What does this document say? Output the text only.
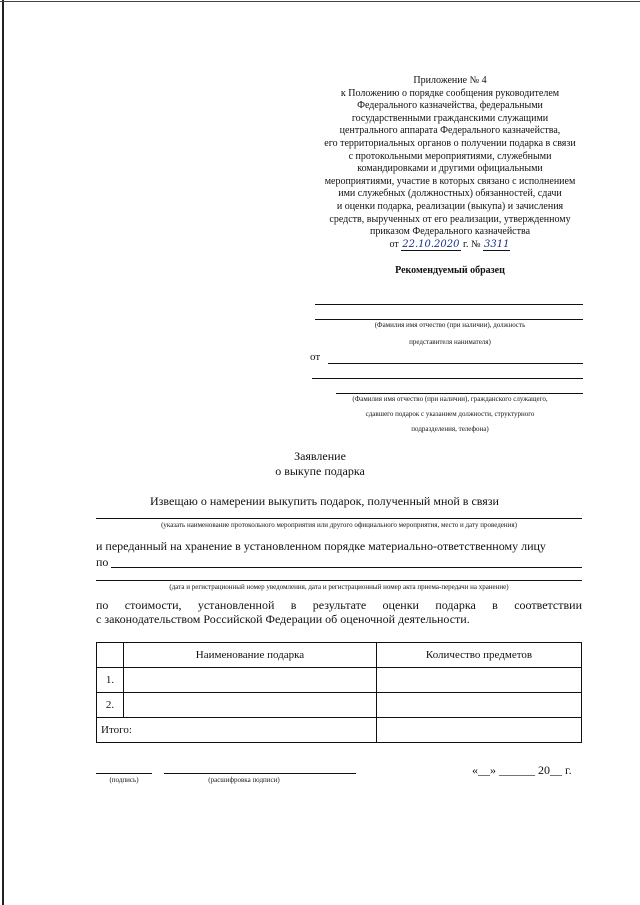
Приложение № 4
к Положению о порядке сообщения руководителем
Федерального казначейства, федеральными
государственными гражданскими служащими
центрального аппарата Федерального казначейства,
его территориальных органов о получении подарка в связи
с протокольными мероприятиями, служебными
командировками и другими официальными
мероприятиями, участие в которых связано с исполнением
ими служебных (должностных) обязанностей, сдачи
и оценки подарка, реализации (выкупа) и зачисления
средств, вырученных от его реализации, утвержденному
приказом Федерального казначейства
от 22.10.2020 г. № 3311
Рекомендуемый образец
(Фамилия имя отчество (при наличии), должность
представителя нанимателя)
от
(Фамилия имя отчество (при наличии), гражданского служащего,
сдавшего подарок с указанием должности, структурного
подразделения, телефона)
Заявление
о выкупе подарка
Извещаю о намерении выкупить подарок, полученный мной в связи
(указать наименование протокольного мероприятия или другого официального мероприятия, место и дату проведения)
и переданный на хранение в установленном порядке материально-ответственному лицу
по
(дата и регистрационный номер уведомления, дата и регистрационный номер акта приема-передачи на хранение)
по стоимости, установленной в результате оценки подарка в соответствии
с законодательством Российской Федерации об оценочной деятельности.
	Наименование подарка	Количество предметов
1.		
2.		
Итого:		
(подпись)	(расшифровка подписи)
«__» ______ 20__ г.
